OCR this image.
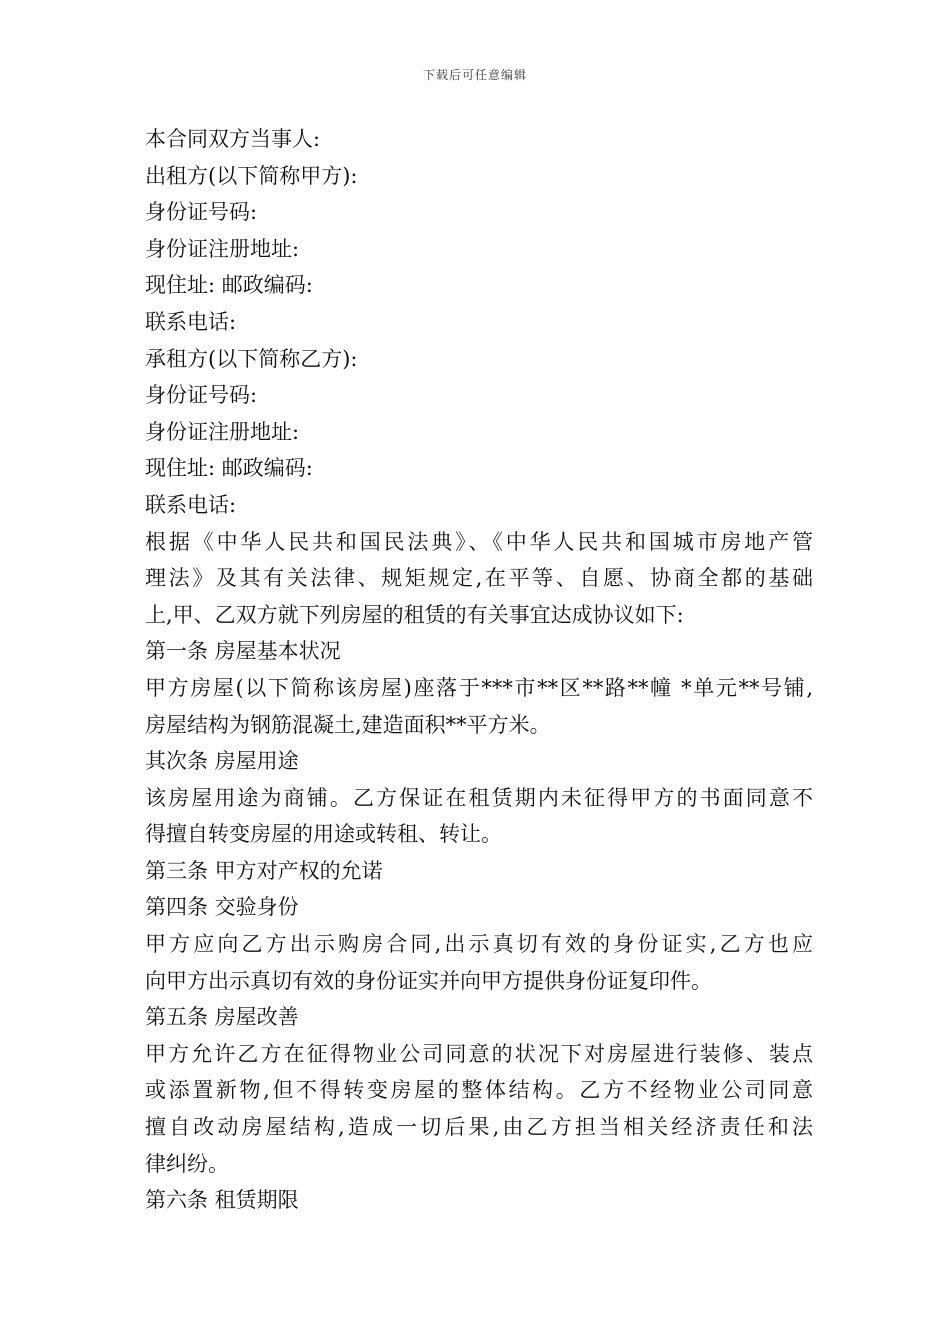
下载后可任意编辑
本合同双方当事人:
出租方(以下简称甲方):
身份证号码:
身份证注册地址:
现住址: 邮政编码:
联系电话:
承租方(以下简称乙方):
身份证号码:
身份证注册地址:
现住址: 邮政编码:
联系电话:
根据《中华人民共和国民法典》、《中华人民共和国城市房地产管
理法》及其有关法律、规矩规定,在平等、自愿、协商全都的基础
上,甲、乙双方就下列房屋的租赁的有关事宜达成协议如下:
第一条 房屋基本状况
甲方房屋(以下简称该房屋)座落于***市**区**路**幢 *单元**号铺,
房屋结构为钢筋混凝土,建造面积**平方米。
其次条 房屋用途
该房屋用途为商铺。乙方保证在租赁期内未征得甲方的书面同意不
得擅自转变房屋的用途或转租、转让。
第三条 甲方对产权的允诺
第四条 交验身份
甲方应向乙方出示购房合同,出示真切有效的身份证实,乙方也应
向甲方出示真切有效的身份证实并向甲方提供身份证复印件。
第五条 房屋改善
甲方允许乙方在征得物业公司同意的状况下对房屋进行装修、装点
或添置新物,但不得转变房屋的整体结构。乙方不经物业公司同意
擅自改动房屋结构,造成一切后果,由乙方担当相关经济责任和法
律纠纷。
第六条 租赁期限
